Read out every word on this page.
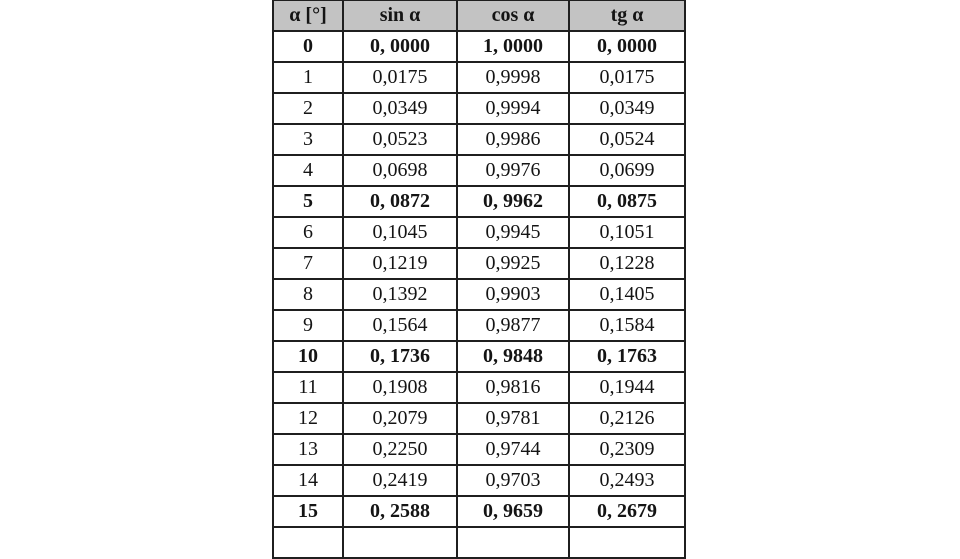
α [°]	sin α	cos α	tg α
0	0, 0000	1, 0000	0, 0000
1	0,0175	0,9998	0,0175
2	0,0349	0,9994	0,0349
3	0,0523	0,9986	0,0524
4	0,0698	0,9976	0,0699
5	0, 0872	0, 9962	0, 0875
6	0,1045	0,9945	0,1051
7	0,1219	0,9925	0,1228
8	0,1392	0,9903	0,1405
9	0,1564	0,9877	0,1584
10	0, 1736	0, 9848	0, 1763
11	0,1908	0,9816	0,1944
12	0,2079	0,9781	0,2126
13	0,2250	0,9744	0,2309
14	0,2419	0,9703	0,2493
15	0, 2588	0, 9659	0, 2679
